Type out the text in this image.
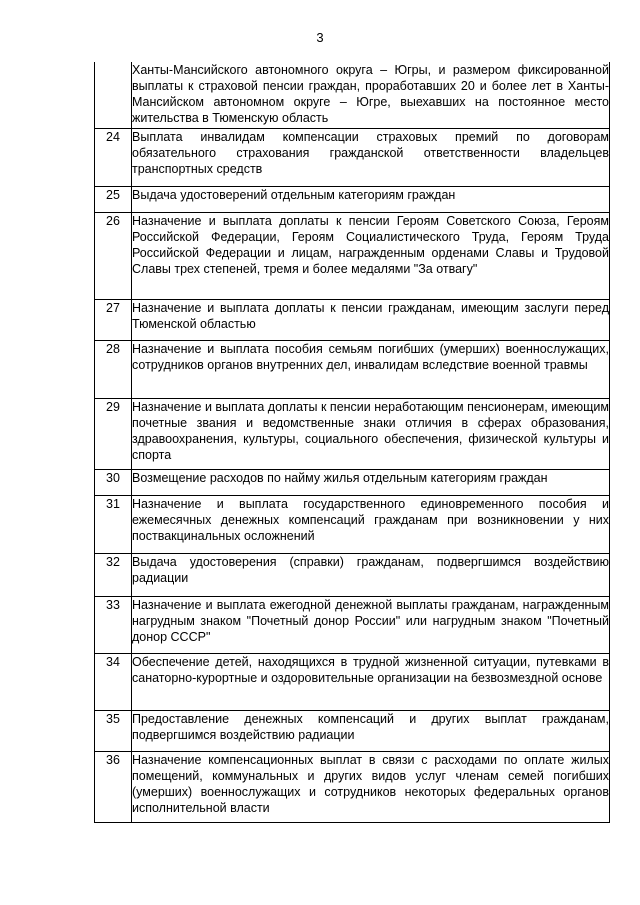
3
	Ханты-Мансийского автономного округа – Югры, и размером фиксированной выплаты к страховой пенсии граждан, проработавших 20 и более лет в Ханты-Мансийском автономном округе – Югре, выехавших на постоянное место жительства в Тюменскую область
24	Выплата инвалидам компенсации страховых премий по договорам обязательного страхования гражданской ответственности владельцев транспортных средств
25	Выдача удостоверений отдельным категориям граждан
26	Назначение и выплата доплаты к пенсии Героям Советского Союза, Героям Российской Федерации, Героям Социалистического Труда, Героям Труда Российской Федерации и лицам, награжденным орденами Славы и Трудовой Славы трех степеней, тремя и более медалями "За отвагу"
27	Назначение и выплата доплаты к пенсии гражданам, имеющим заслуги перед Тюменской областью
28	Назначение и выплата пособия семьям погибших (умерших) военнослужащих, сотрудников органов внутренних дел, инвалидам вследствие военной травмы
29	Назначение и выплата доплаты к пенсии неработающим пенсионерам, имеющим почетные звания и ведомственные знаки отличия в сферах образования, здравоохранения, культуры, социального обеспечения, физической культуры и спорта
30	Возмещение расходов по найму жилья отдельным категориям граждан
31	Назначение и выплата государственного единовременного пособия и ежемесячных денежных компенсаций гражданам при возникновении у них поствакцинальных осложнений
32	Выдача удостоверения (справки) гражданам, подвергшимся воздействию радиации
33	Назначение и выплата ежегодной денежной выплаты гражданам, награжденным нагрудным знаком "Почетный донор России" или нагрудным знаком "Почетный донор СССР"
34	Обеспечение детей, находящихся в трудной жизненной ситуации, путевками в санаторно-курортные и оздоровительные организации на безвозмездной основе
35	Предоставление денежных компенсаций и других выплат гражданам, подвергшимся воздействию радиации
36	Назначение компенсационных выплат в связи с расходами по оплате жилых помещений, коммунальных и других видов услуг членам семей погибших (умерших) военнослужащих и сотрудников некоторых федеральных органов исполнительной власти
